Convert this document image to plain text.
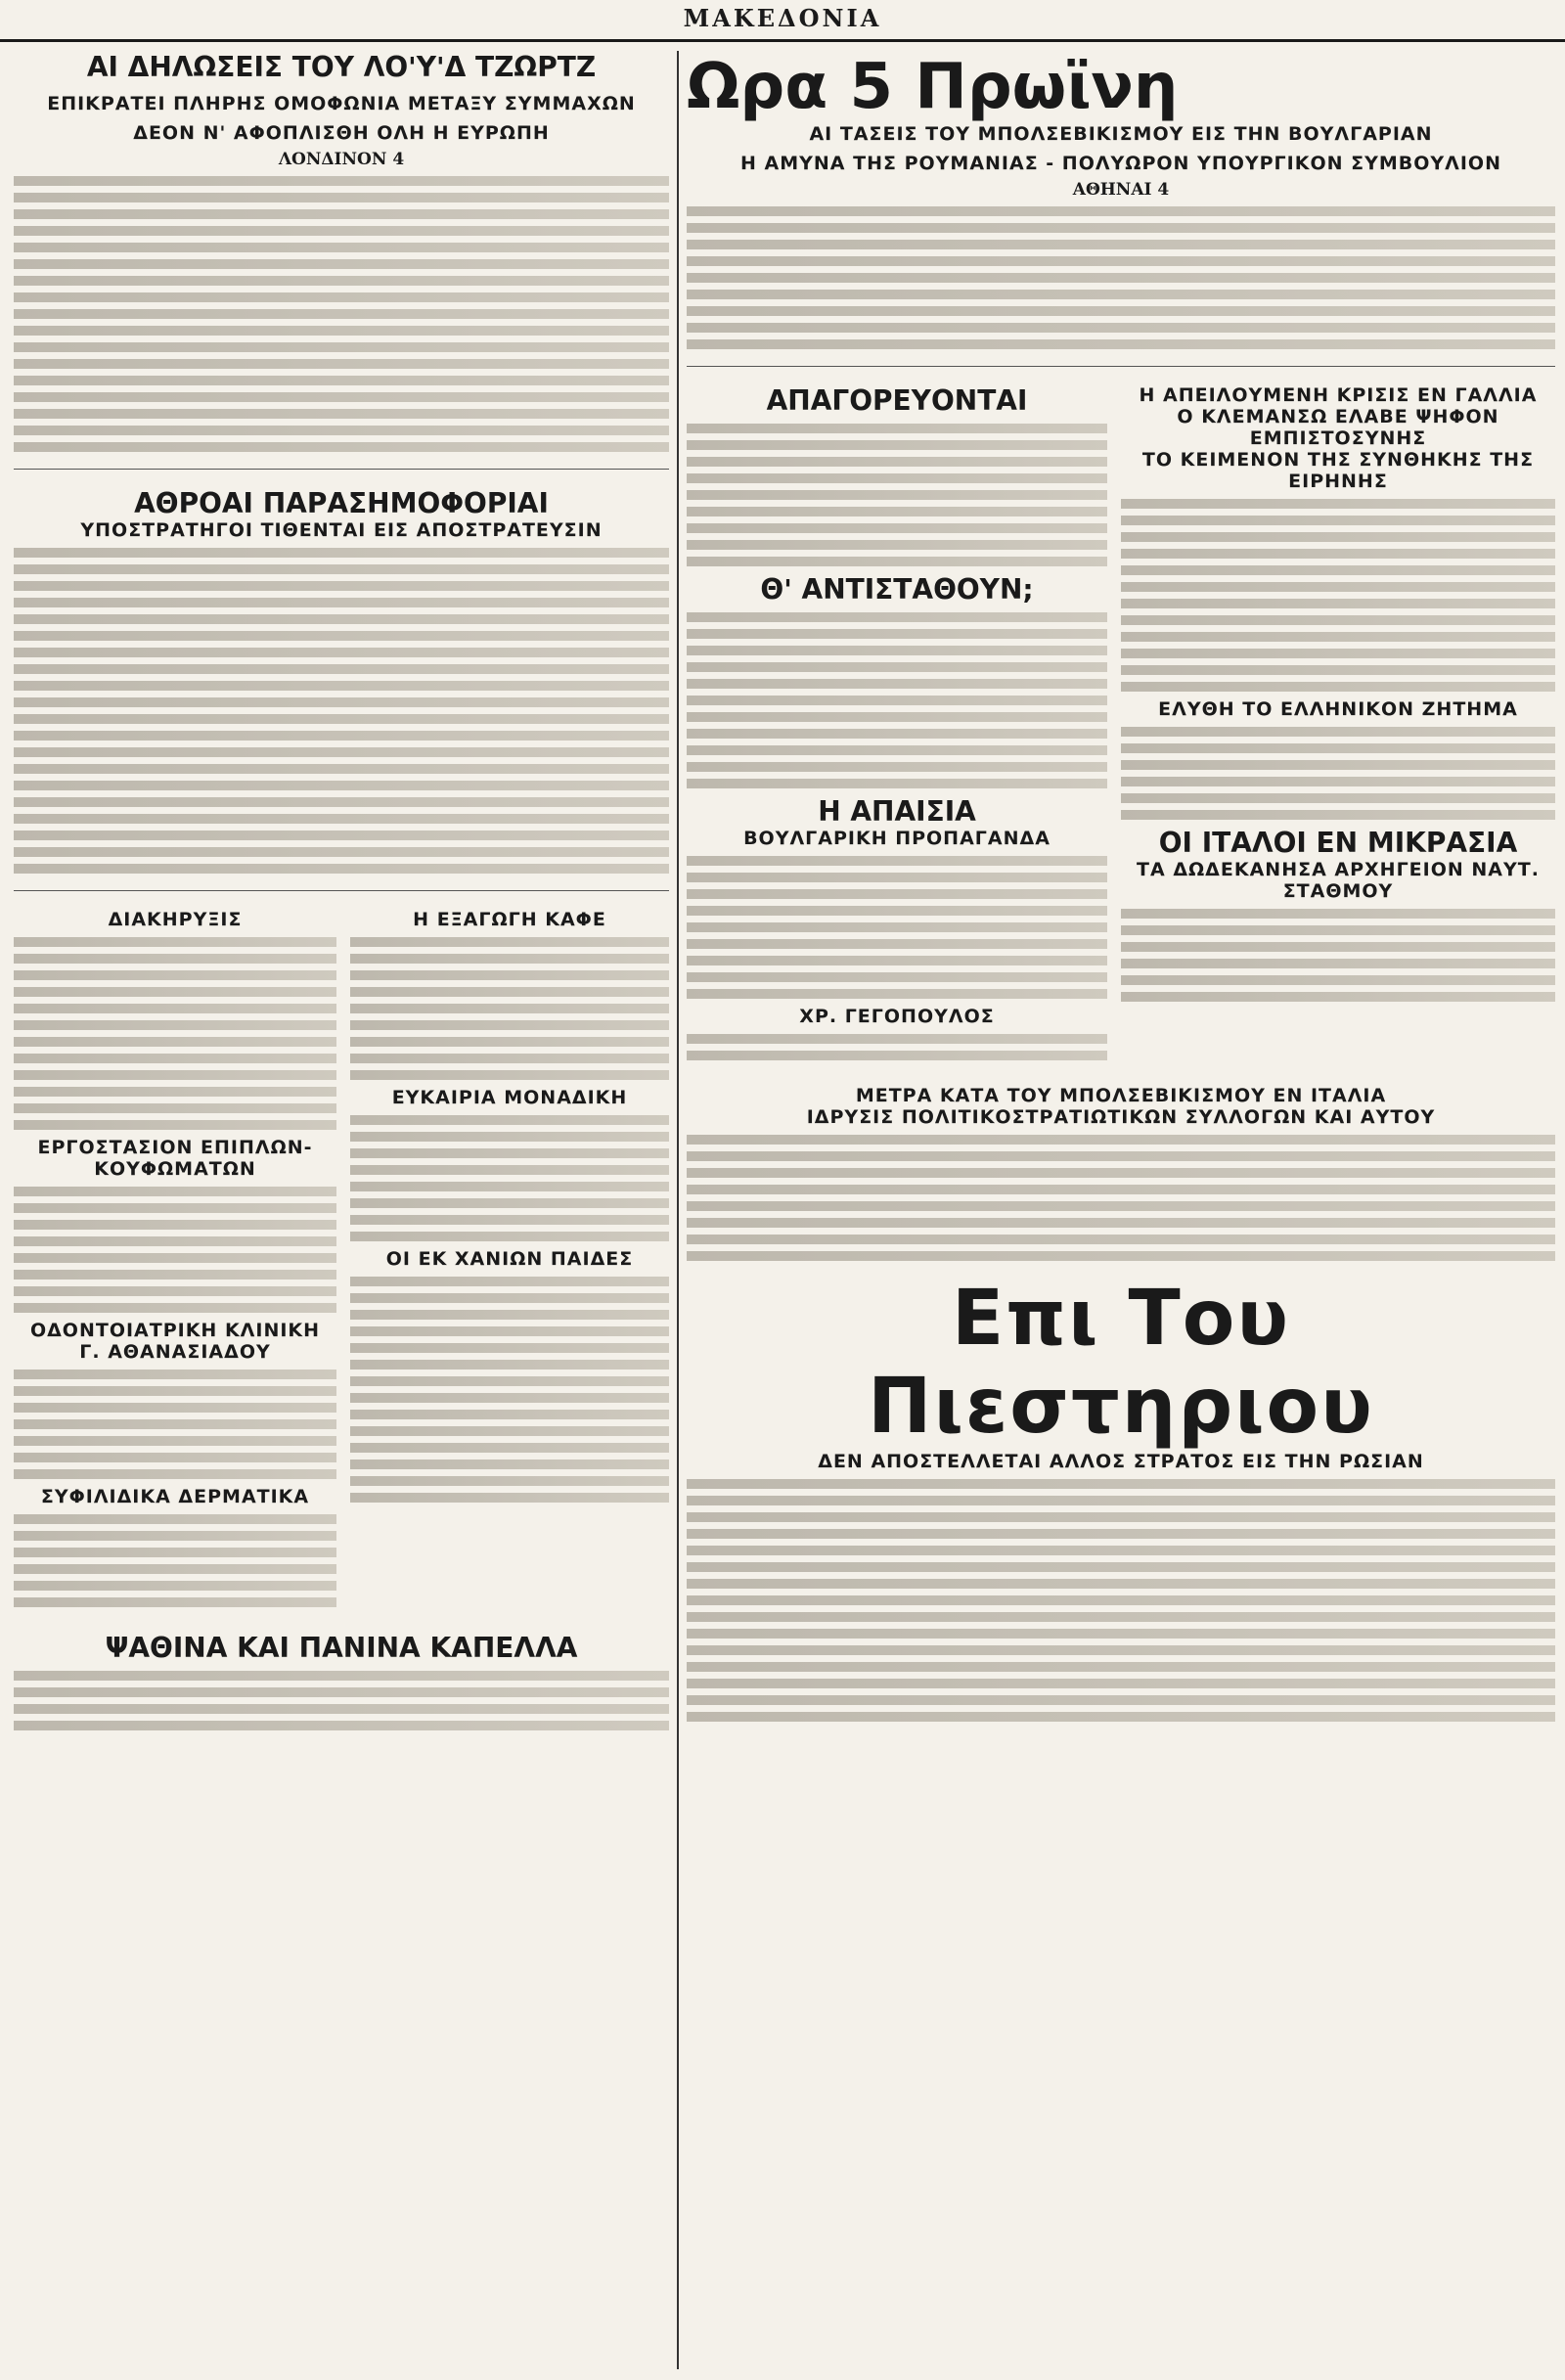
ΜΑΚΕΔΟΝΙΑ
ΑΙ ΔΗΛΩΣΕΙΣ ΤΟΥ ΛΟ'Υ'Δ ΤΖΩΡΤΖ
ΕΠΙΚΡΑΤΕΙ ΠΛΗΡΗΣ ΟΜΟΦΩΝΙΑ ΜΕΤΑΞΥ ΣΥΜΜΑΧΩΝ
ΔΕΟΝ Ν' ΑΦΟΠΛΙΣΘΗ ΟΛΗ Η ΕΥΡΩΠΗ
ΛΟΝΔΙΝΟΝ 4
ΑΘΡΟΑΙ ΠΑΡΑΣΗΜΟΦΟΡΙΑΙ
ΥΠΟΣΤΡΑΤΗΓΟΙ ΤΙΘΕΝΤΑΙ ΕΙΣ ΑΠΟΣΤΡΑΤΕΥΣΙΝ
ΔΙΑΚΗΡΥΞΙΣ
ΕΡΓΟΣΤΑΣΙΟΝ ΕΠΙΠΛΩΝ-ΚΟΥΦΩΜΑΤΩΝ
ΟΔΟΝΤΟΙΑΤΡΙΚΗ ΚΛΙΝΙΚΗ
Γ. ΑΘΑΝΑΣΙΑΔΟΥ
ΣΥΦΙΛΙΔΙΚΑ ΔΕΡΜΑΤΙΚΑ
Η ΕΞΑΓΩΓΗ ΚΑΦΕ
ΕΥΚΑΙΡΙΑ ΜΟΝΑΔΙΚΗ
ΟΙ ΕΚ ΧΑΝΙΩΝ ΠΑΙΔΕΣ
ΨΑΘΙΝΑ ΚΑΙ ΠΑΝΙΝΑ ΚΑΠΕΛΛΑ
Ωρα 5 Πρωϊνη
ΑΙ ΤΑΣΕΙΣ ΤΟΥ ΜΠΟΛΣΕΒΙΚΙΣΜΟΥ ΕΙΣ ΤΗΝ ΒΟΥΛΓΑΡΙΑΝ
Η ΑΜΥΝΑ ΤΗΣ ΡΟΥΜΑΝΙΑΣ - ΠΟΛΥΩΡΟΝ ΥΠΟΥΡΓΙΚΟΝ ΣΥΜΒΟΥΛΙΟΝ
ΑΘΗΝΑΙ 4
ΑΠΑΓΟΡΕΥΟΝΤΑΙ
Θ' ΑΝΤΙΣΤΑΘΟΥΝ;
Η ΑΠΑΙΣΙΑ
ΒΟΥΛΓΑΡΙΚΗ ΠΡΟΠΑΓΑΝΔΑ
ΧΡ. ΓΕΓΟΠΟΥΛΟΣ
Η ΑΠΕΙΛΟΥΜΕΝΗ ΚΡΙΣΙΣ ΕΝ ΓΑΛΛΙΑ
Ο ΚΛΕΜΑΝΣΩ ΕΛΑΒΕ ΨΗΦΟΝ ΕΜΠΙΣΤΟΣΥΝΗΣ
ΤΟ ΚΕΙΜΕΝΟΝ ΤΗΣ ΣΥΝΘΗΚΗΣ ΤΗΣ ΕΙΡΗΝΗΣ
ΕΛΥΘΗ ΤΟ ΕΛΛΗΝΙΚΟΝ ΖΗΤΗΜΑ
ΟΙ ΙΤΑΛΟΙ ΕΝ ΜΙΚΡΑΣΙΑ
ΤΑ ΔΩΔΕΚΑΝΗΣΑ ΑΡΧΗΓΕΙΟΝ ΝΑΥΤ. ΣΤΑΘΜΟΥ
ΜΕΤΡΑ ΚΑΤΑ ΤΟΥ ΜΠΟΛΣΕΒΙΚΙΣΜΟΥ ΕΝ ΙΤΑΛΙΑ
ΙΔΡΥΣΙΣ ΠΟΛΙΤΙΚΟΣΤΡΑΤΙΩΤΙΚΩΝ ΣΥΛΛΟΓΩΝ ΚΑΙ ΑΥΤΟΥ
Επι Του Πιεστηριου
ΔΕΝ ΑΠΟΣΤΕΛΛΕΤΑΙ ΑΛΛΟΣ ΣΤΡΑΤΟΣ ΕΙΣ ΤΗΝ ΡΩΣΙΑΝ
